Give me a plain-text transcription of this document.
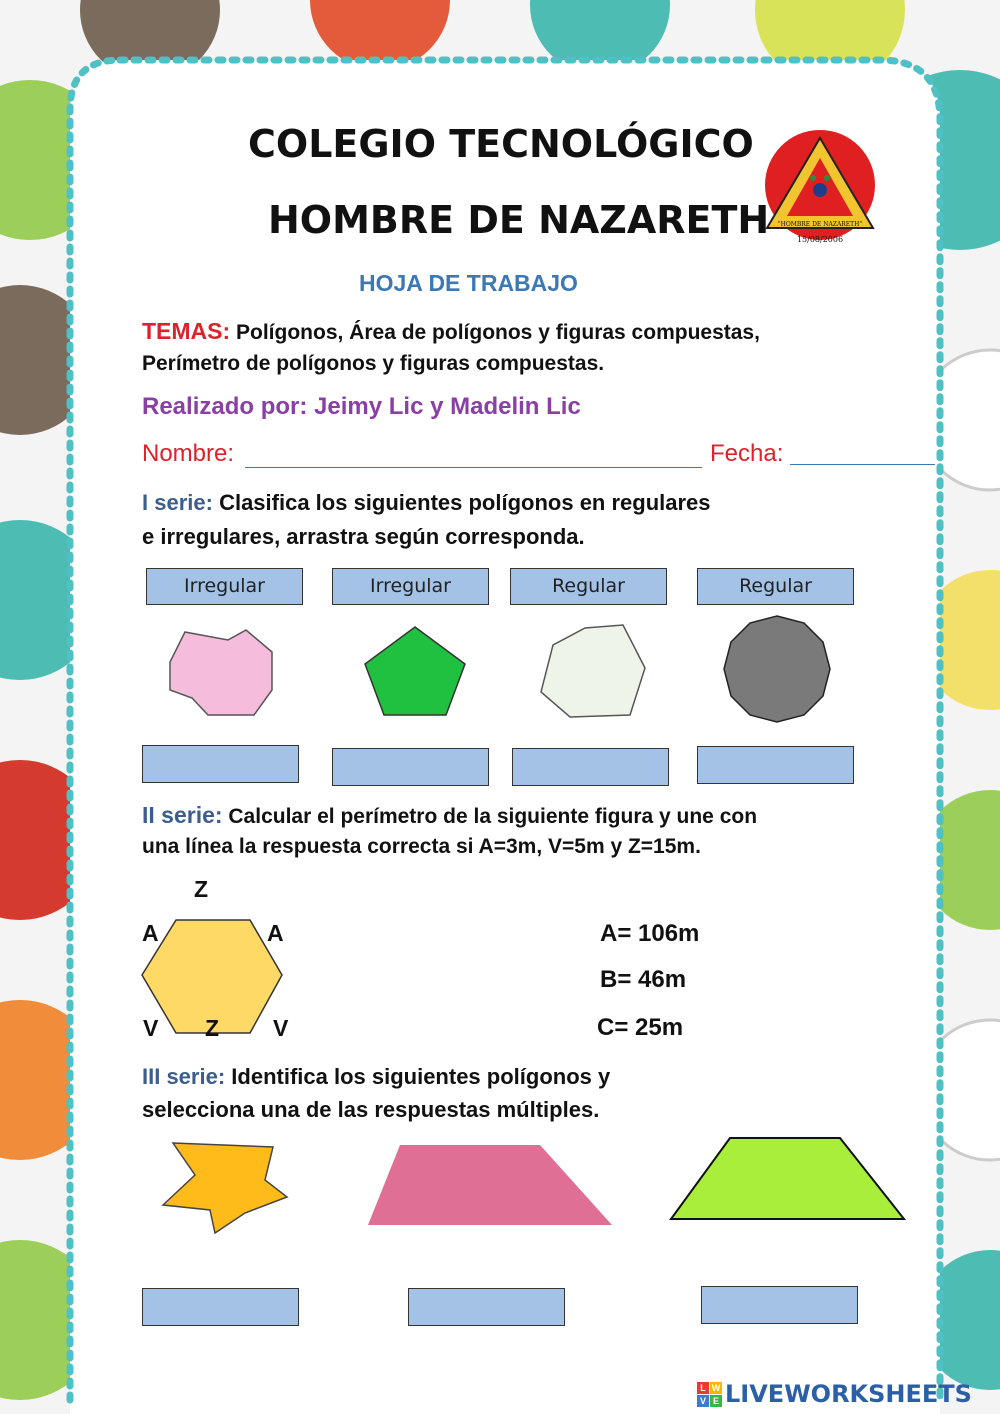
COLEGIO TECNOLÓGICO
HOMBRE DE NAZARETH "HOMBRE DE NAZARETH"
15/08/2006
HOJA DE TRABAJO
TEMAS: Polígonos, Área de polígonos y figuras compuestas,
Perímetro de polígonos y figuras compuestas.
Realizado por: Jeimy Lic y Madelin Lic
Nombre:	Fecha:
I serie: Clasifica los siguientes polígonos en regulares
e irregulares, arrastra según corresponda.
Irregular	Irregular	Regular	Regular
II serie: Calcular el perímetro de la siguiente figura y une con
una línea la respuesta correcta si A=3m, V=5m y Z=15m.
Z
A	A
V Z V
A= 106m
B= 46m
C= 25m
III serie: Identifica los siguientes polígonos y
selecciona una de las respuestas múltiples.
L W
V E LIVEWORKSHEETS
